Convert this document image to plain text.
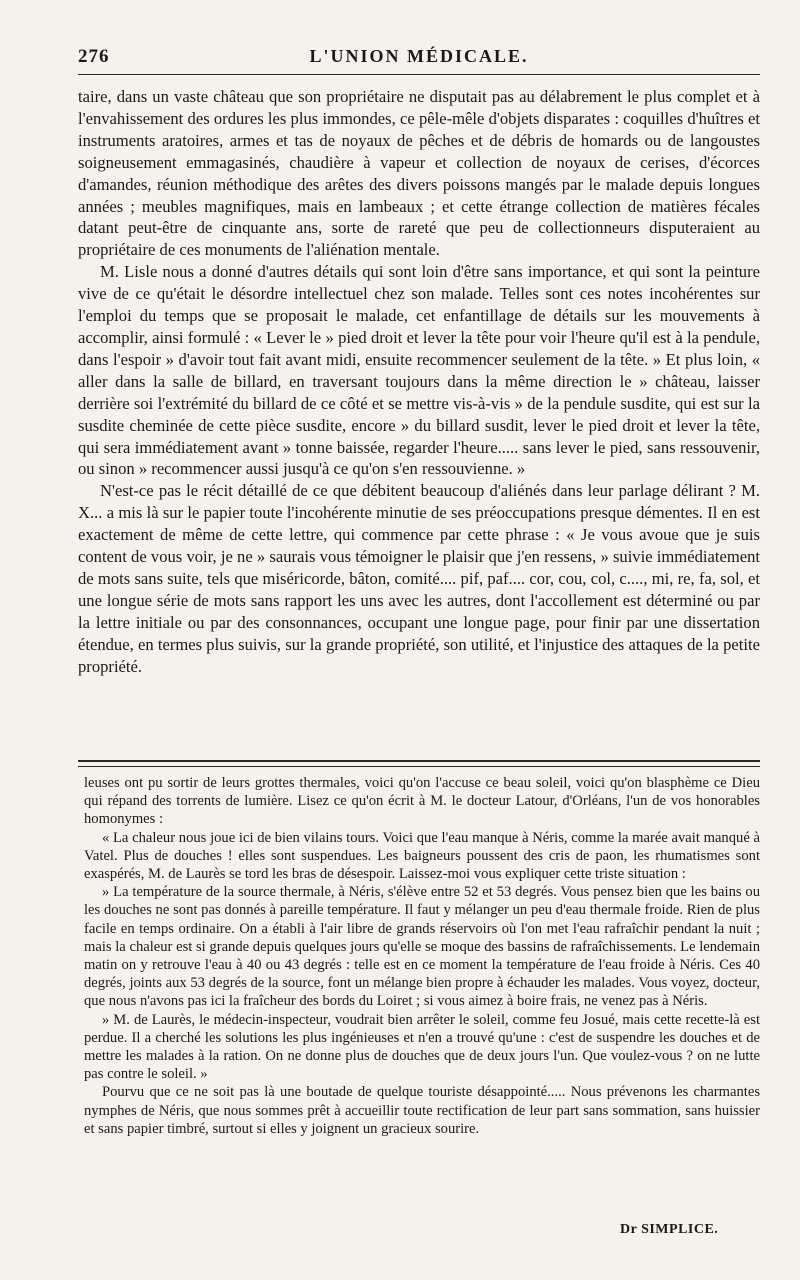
276	L'UNION MÉDICALE.

taire, dans un vaste château que son propriétaire ne disputait pas au délabrement le plus complet et à l'envahissement des ordures les plus immondes, ce pêle-mêle d'objets disparates : coquilles d'huîtres et instruments aratoires, armes et tas de noyaux de pêches et de débris de homards ou de langoustes soigneusement emmagasinés, chaudière à vapeur et collection de noyaux de cerises, d'écorces d'amandes, réunion méthodique des arêtes des divers poissons mangés par le malade depuis longues années ; meubles magnifiques, mais en lambeaux ; et cette étrange collection de matières fécales datant peut-être de cinquante ans, sorte de rareté que peu de collectionneurs disputeraient au propriétaire de ces monuments de l'aliénation mentale.

M. Lisle nous a donné d'autres détails qui sont loin d'être sans importance, et qui sont la peinture vive de ce qu'était le désordre intellectuel chez son malade. Telles sont ces notes incohérentes sur l'emploi du temps que se proposait le malade, cet enfantillage de détails sur les mouvements à accomplir, ainsi formulé : « Lever le » pied droit et lever la tête pour voir l'heure qu'il est à la pendule, dans l'espoir » d'avoir tout fait avant midi, ensuite recommencer seulement de la tête. » Et plus loin, « aller dans la salle de billard, en traversant toujours dans la même direction le » château, laisser derrière soi l'extrémité du billard de ce côté et se mettre vis-à-vis » de la pendule susdite, qui est sur la susdite cheminée de cette pièce susdite, encore » du billard susdit, lever le pied droit et lever la tête, qui sera immédiatement avant » tonne baissée, regarder l'heure..... sans lever le pied, sans ressouvenir, ou sinon » recommencer aussi jusqu'à ce qu'on s'en ressouvienne. »

N'est-ce pas le récit détaillé de ce que débitent beaucoup d'aliénés dans leur parlage délirant ? M. X... a mis là sur le papier toute l'incohérente minutie de ses préoccupations presque démentes. Il en est exactement de même de cette lettre, qui commence par cette phrase : « Je vous avoue que je suis content de vous voir, je ne » saurais vous témoigner le plaisir que j'en ressens, » suivie immédiatement de mots sans suite, tels que miséricorde, bâton, comité.... pif, paf.... cor, cou, col, c...., mi, re, fa, sol, et une longue série de mots sans rapport les uns avec les autres, dont l'accollement est déterminé ou par la lettre initiale ou par des consonnances, occupant une longue page, pour finir par une dissertation étendue, en termes plus suivis, sur la grande propriété, son utilité, et l'injustice des attaques de la petite propriété.

leuses ont pu sortir de leurs grottes thermales, voici qu'on l'accuse ce beau soleil, voici qu'on blasphème ce Dieu qui répand des torrents de lumière. Lisez ce qu'on écrit à M. le docteur Latour, d'Orléans, l'un de vos honorables homonymes :

« La chaleur nous joue ici de bien vilains tours. Voici que l'eau manque à Néris, comme la marée avait manqué à Vatel. Plus de douches ! elles sont suspendues. Les baigneurs poussent des cris de paon, les rhumatismes sont exaspérés, M. de Laurès se tord les bras de désespoir. Laissez-moi vous expliquer cette triste situation :

» La température de la source thermale, à Néris, s'élève entre 52 et 53 degrés. Vous pensez bien que les bains ou les douches ne sont pas donnés à pareille température. Il faut y mélanger un peu d'eau thermale froide. Rien de plus facile en temps ordinaire. On a établi à l'air libre de grands réservoirs où l'on met l'eau rafraîchir pendant la nuit ; mais la chaleur est si grande depuis quelques jours qu'elle se moque des bassins de rafraîchissements. Le lendemain matin on y retrouve l'eau à 40 ou 43 degrés : telle est en ce moment la température de l'eau froide à Néris. Ces 40 degrés, joints aux 53 degrés de la source, font un mélange bien propre à échauder les malades. Vous voyez, docteur, que nous n'avons pas ici la fraîcheur des bords du Loiret ; si vous aimez à boire frais, ne venez pas à Néris.

» M. de Laurès, le médecin-inspecteur, voudrait bien arrêter le soleil, comme feu Josué, mais cette recette-là est perdue. Il a cherché les solutions les plus ingénieuses et n'en a trouvé qu'une : c'est de suspendre les douches et de mettre les malades à la ration. On ne donne plus de douches que de deux jours l'un. Que voulez-vous ? on ne lutte pas contre le soleil. »

Pourvu que ce ne soit pas là une boutade de quelque touriste désappointé..... Nous prévenons les charmantes nymphes de Néris, que nous sommes prêt à accueillir toute rectification de leur part sans sommation, sans huissier et sans papier timbré, surtout si elles y joignent un gracieux sourire.

Dr SIMPLICE.
